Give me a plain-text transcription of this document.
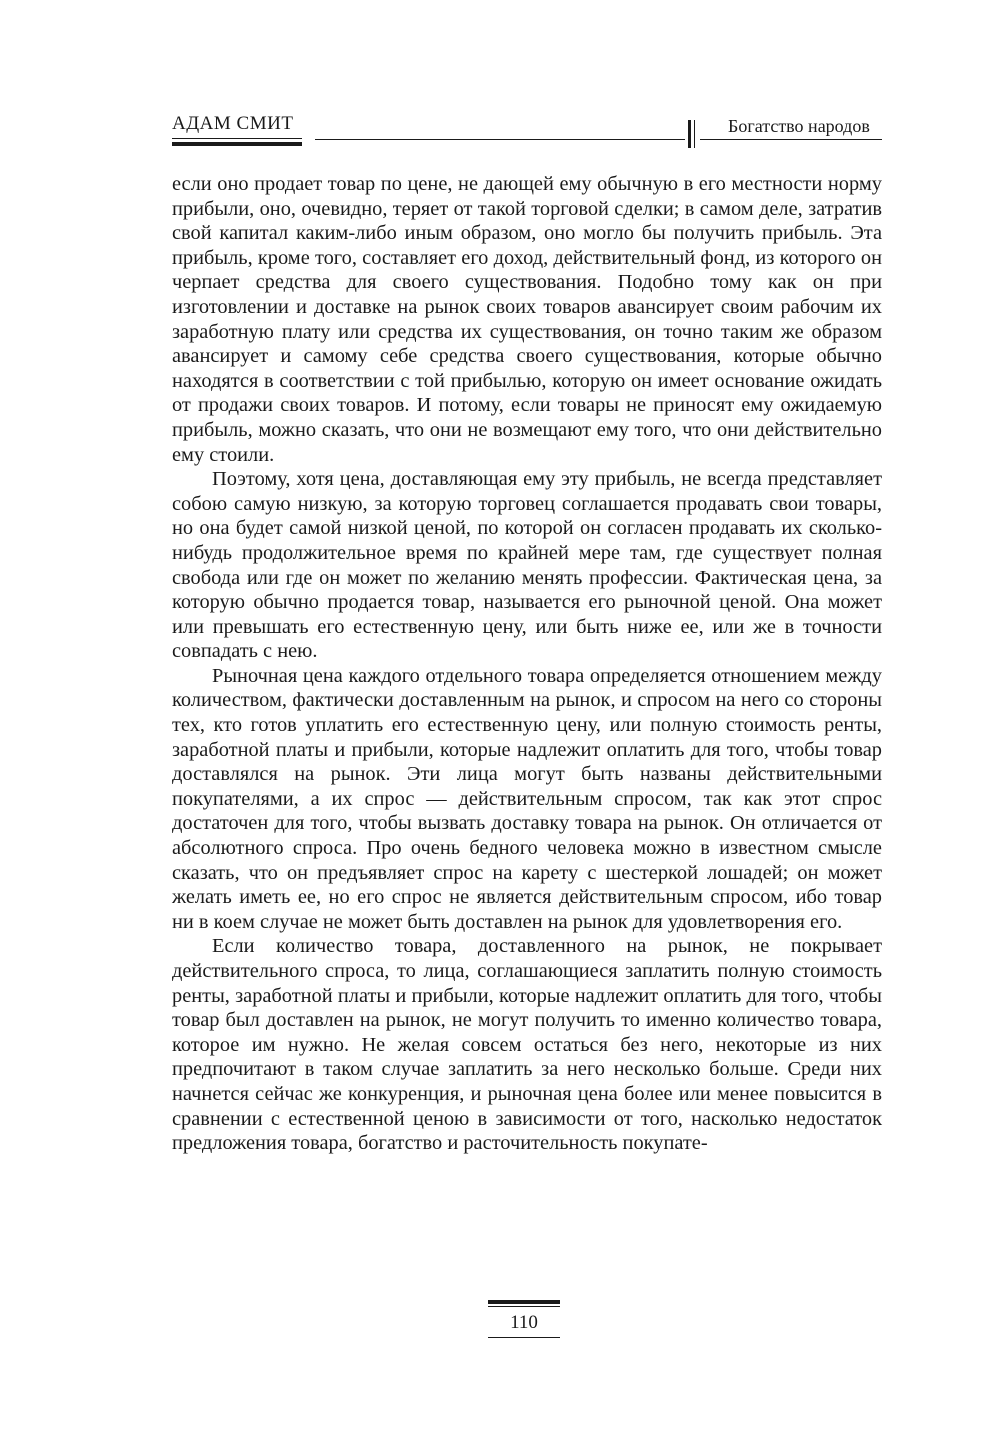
АДАМ СМИТ	Богатство народов

если оно продает товар по цене, не дающей ему обычную в его местности норму прибыли, оно, очевидно, теряет от такой торговой сделки; в самом деле, затратив свой капитал каким-либо иным образом, оно могло бы получить прибыль. Эта прибыль, кроме того, составляет его доход, действительный фонд, из которого он черпает средства для своего существования. Подобно тому как он при изготовлении и доставке на рынок своих товаров авансирует своим рабочим их заработную плату или средства их существования, он точно таким же образом авансирует и самому себе средства своего существования, которые обычно находятся в соответствии с той прибылью, которую он имеет основание ожидать от продажи своих товаров. И потому, если товары не приносят ему ожидаемую прибыль, можно сказать, что они не возмещают ему того, что они действительно ему стоили.

Поэтому, хотя цена, доставляющая ему эту прибыль, не всегда представляет собою самую низкую, за которую торговец соглашается продавать свои товары, но она будет самой низкой ценой, по которой он согласен продавать их сколько-нибудь продолжительное время по крайней мере там, где существует полная свобода или где он может по желанию менять профессии. Фактическая цена, за которую обычно продается товар, называется его рыночной ценой. Она может или превышать его естественную цену, или быть ниже ее, или же в точности совпадать с нею.

Рыночная цена каждого отдельного товара определяется отношением между количеством, фактически доставленным на рынок, и спросом на него со стороны тех, кто готов уплатить его естественную цену, или полную стоимость ренты, заработной платы и прибыли, которые надлежит оплатить для того, чтобы товар доставлялся на рынок. Эти лица могут быть названы действительными покупателями, а их спрос — действительным спросом, так как этот спрос достаточен для того, чтобы вызвать доставку товара на рынок. Он отличается от абсолютного спроса. Про очень бедного человека можно в известном смысле сказать, что он предъявляет спрос на карету с шестеркой лошадей; он может желать иметь ее, но его спрос не является действительным спросом, ибо товар ни в коем случае не может быть доставлен на рынок для удовлетворения его.

Если количество товара, доставленного на рынок, не покрывает действительного спроса, то лица, соглашающиеся заплатить полную стоимость ренты, заработной платы и прибыли, которые надлежит оплатить для того, чтобы товар был доставлен на рынок, не могут получить то именно количество товара, которое им нужно. Не желая совсем остаться без него, некоторые из них предпочитают в таком случае заплатить за него несколько больше. Среди них начнется сейчас же конкуренция, и рыночная цена более или менее повысится в сравнении с естественной ценою в зависимости от того, насколько недостаток предложения товара, богатство и расточительность покупате-

110
